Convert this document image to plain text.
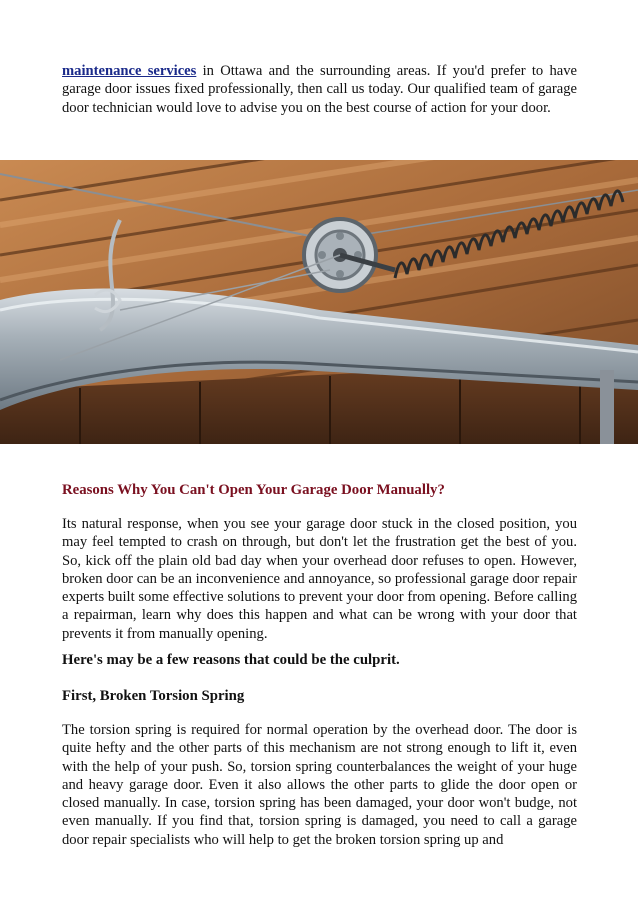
maintenance services in Ottawa and the surrounding areas. If you'd prefer to have garage door issues fixed professionally, then call us today. Our qualified team of garage door technician would love to advise you on the best course of action for your door.

Reasons Why You Can't Open Your Garage Door Manually?

Its natural response, when you see your garage door stuck in the closed position, you may feel tempted to crash on through, but don't let the frustration get the best of you. So, kick off the plain old bad day when your overhead door refuses to open. However, broken door can be an inconvenience and annoyance, so professional garage door repair experts built some effective solutions to prevent your door from opening. Before calling a repairman, learn why does this happen and what can be wrong with your door that prevents it from manually opening.

Here's may be a few reasons that could be the culprit.
First, Broken Torsion Spring

The torsion spring is required for normal operation by the overhead door. The door is quite hefty and the other parts of this mechanism are not strong enough to lift it, even with the help of your push. So, torsion spring counterbalances the weight of your huge and heavy garage door. Even it also allows the other parts to glide the door open or closed manually. In case, torsion spring has been damaged, your door won't budge, not even manually. If you find that, torsion spring is damaged, you need to call a garage door repair specialists who will help to get the broken torsion spring up and
